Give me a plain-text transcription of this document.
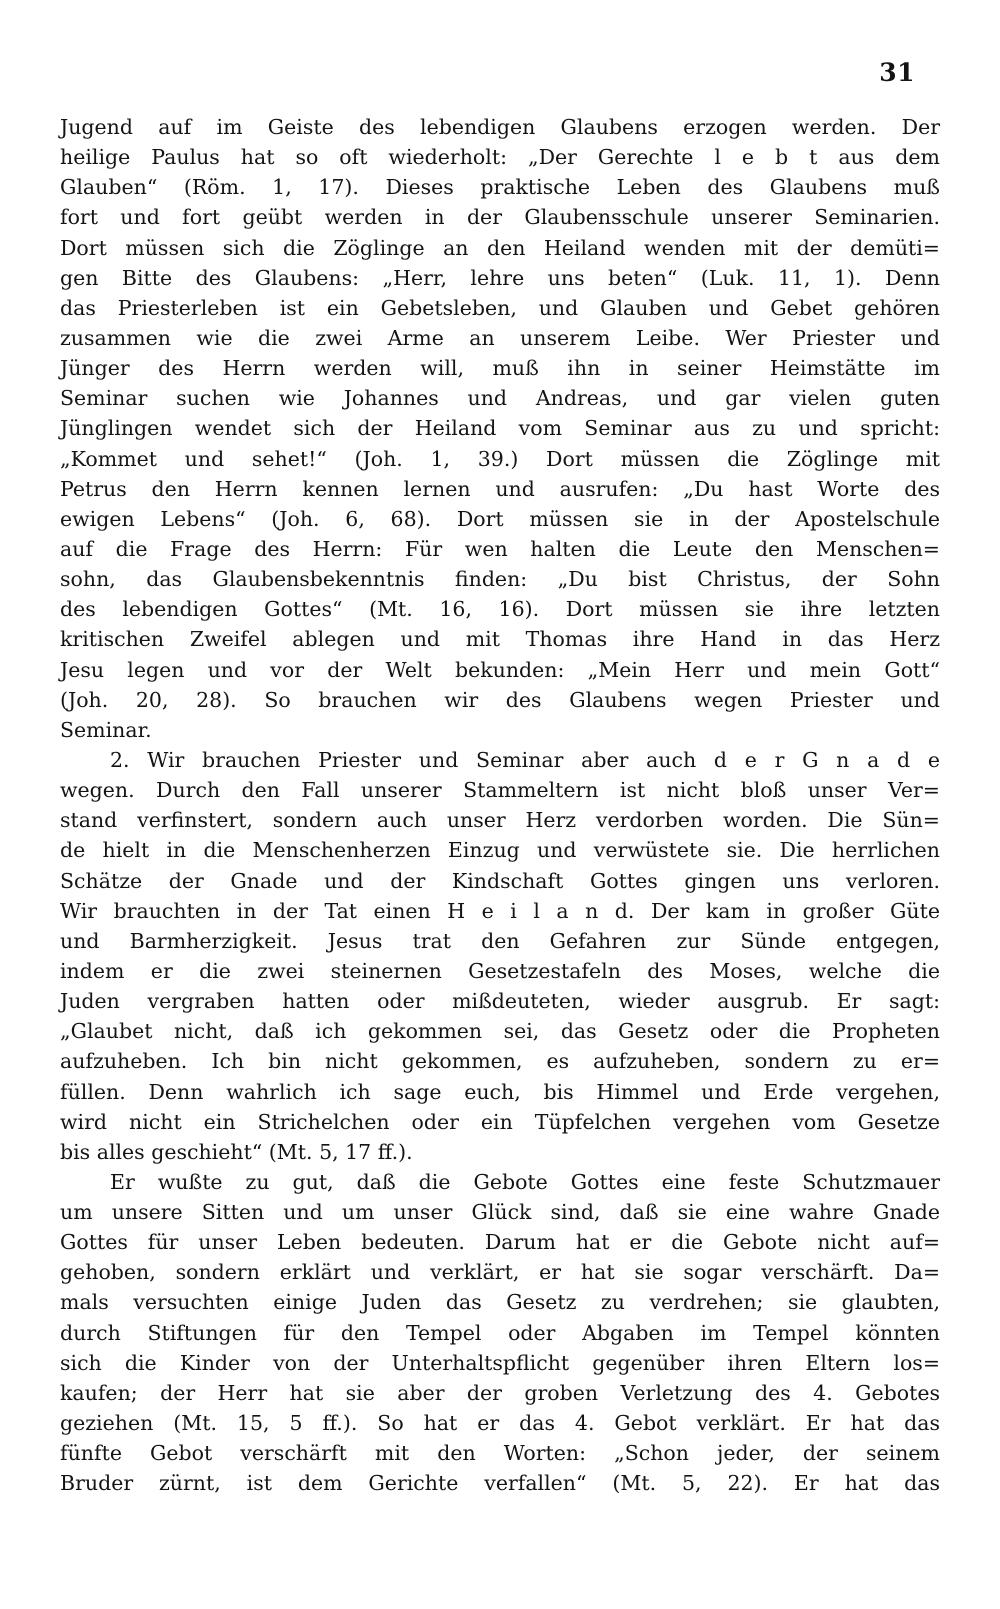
31
Jugend auf im Geiste des lebendigen Glaubens erzogen werden. Der
heilige Paulus hat so oft wiederholt: „Der Gerechte l e b t aus dem
Glauben“ (Röm. 1, 17). Dieses praktische Leben des Glaubens muß
fort und fort geübt werden in der Glaubensschule unserer Seminarien.
Dort müssen sich die Zöglinge an den Heiland wenden mit der demüti=
gen Bitte des Glaubens: „Herr, lehre uns beten“ (Luk. 11, 1). Denn
das Priesterleben ist ein Gebetsleben, und Glauben und Gebet gehören
zusammen wie die zwei Arme an unserem Leibe. Wer Priester und
Jünger des Herrn werden will, muß ihn in seiner Heimstätte im
Seminar suchen wie Johannes und Andreas, und gar vielen guten
Jünglingen wendet sich der Heiland vom Seminar aus zu und spricht:
„Kommet und sehet!“ (Joh. 1, 39.) Dort müssen die Zöglinge mit
Petrus den Herrn kennen lernen und ausrufen: „Du hast Worte des
ewigen Lebens“ (Joh. 6, 68). Dort müssen sie in der Apostelschule
auf die Frage des Herrn: Für wen halten die Leute den Menschen=
sohn, das Glaubensbekenntnis finden: „Du bist Christus, der Sohn
des lebendigen Gottes“ (Mt. 16, 16). Dort müssen sie ihre letzten
kritischen Zweifel ablegen und mit Thomas ihre Hand in das Herz
Jesu legen und vor der Welt bekunden: „Mein Herr und mein Gott“
(Joh. 20, 28). So brauchen wir des Glaubens wegen Priester und
Seminar.
2. Wir brauchen Priester und Seminar aber auch d e r G n a d e
wegen. Durch den Fall unserer Stammeltern ist nicht bloß unser Ver=
stand verfinstert, sondern auch unser Herz verdorben worden. Die Sün=
de hielt in die Menschenherzen Einzug und verwüstete sie. Die herrlichen
Schätze der Gnade und der Kindschaft Gottes gingen uns verloren.
Wir brauchten in der Tat einen H e i l a n d. Der kam in großer Güte
und Barmherzigkeit. Jesus trat den Gefahren zur Sünde entgegen,
indem er die zwei steinernen Gesetzestafeln des Moses, welche die
Juden vergraben hatten oder mißdeuteten, wieder ausgrub. Er sagt:
„Glaubet nicht, daß ich gekommen sei, das Gesetz oder die Propheten
aufzuheben. Ich bin nicht gekommen, es aufzuheben, sondern zu er=
füllen. Denn wahrlich ich sage euch, bis Himmel und Erde vergehen,
wird nicht ein Strichelchen oder ein Tüpfelchen vergehen vom Gesetze
bis alles geschieht“ (Mt. 5, 17 ff.).
Er wußte zu gut, daß die Gebote Gottes eine feste Schutzmauer
um unsere Sitten und um unser Glück sind, daß sie eine wahre Gnade
Gottes für unser Leben bedeuten. Darum hat er die Gebote nicht auf=
gehoben, sondern erklärt und verklärt, er hat sie sogar verschärft. Da=
mals versuchten einige Juden das Gesetz zu verdrehen; sie glaubten,
durch Stiftungen für den Tempel oder Abgaben im Tempel könnten
sich die Kinder von der Unterhaltspflicht gegenüber ihren Eltern los=
kaufen; der Herr hat sie aber der groben Verletzung des 4. Gebotes
geziehen (Mt. 15, 5 ff.). So hat er das 4. Gebot verklärt. Er hat das
fünfte Gebot verschärft mit den Worten: „Schon jeder, der seinem
Bruder zürnt, ist dem Gerichte verfallen“ (Mt. 5, 22). Er hat das
